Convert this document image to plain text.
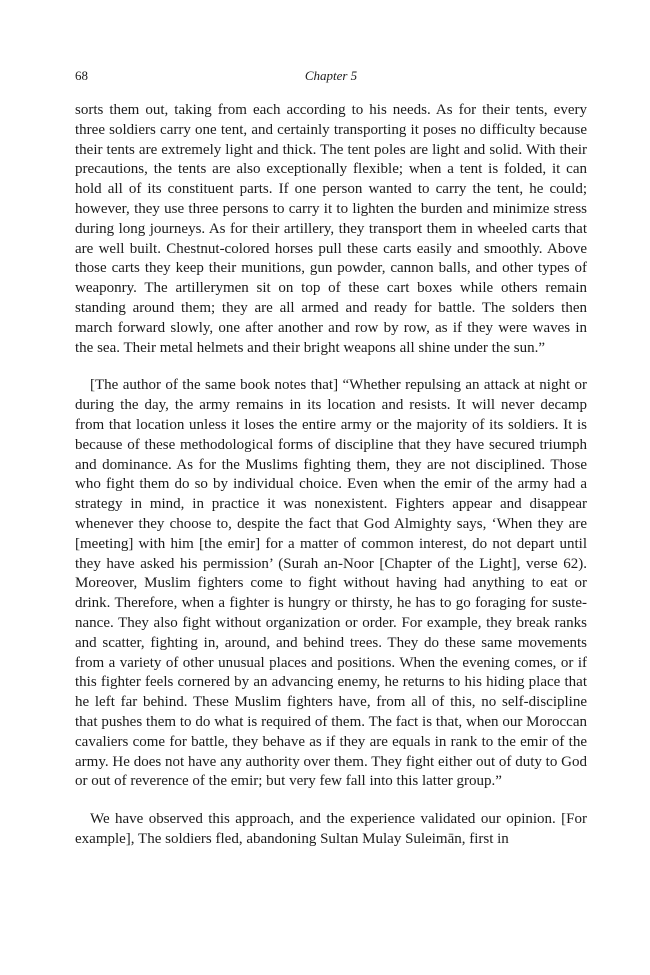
68	Chapter 5

sorts them out, taking from each according to his needs. As for their tents, every three soldiers carry one tent, and certainly transporting it poses no difficulty because their tents are extremely light and thick. The tent poles are light and solid. With their precautions, the tents are also exceptionally flexible; when a tent is folded, it can hold all of its constituent parts. If one person wanted to carry the tent, he could; however, they use three persons to carry it to lighten the burden and minimize stress during long journeys. As for their artillery, they transport them in wheeled carts that are well built. Chestnut-colored horses pull these carts easily and smoothly. Above those carts they keep their munitions, gun powder, cannon balls, and other types of weaponry. The artillerymen sit on top of these cart boxes while others remain standing around them; they are all armed and ready for battle. The solders then march forward slowly, one after another and row by row, as if they were waves in the sea. Their metal helmets and their bright weapons all shine under the sun.”

[The author of the same book notes that] “Whether repulsing an attack at night or during the day, the army remains in its location and resists. It will never decamp from that location unless it loses the entire army or the majority of its soldiers. It is because of these methodological forms of discipline that they have secured triumph and dominance. As for the Muslims fighting them, they are not disciplined. Those who fight them do so by individual choice. Even when the emir of the army had a strategy in mind, in practice it was nonexistent. Fighters appear and disappear whenever they choose to, despite the fact that God Almighty says, ‘When they are [meeting] with him [the emir] for a matter of common interest, do not depart until they have asked his permission’ (Surah an-Noor [Chapter of the Light], verse 62). Moreover, Muslim fighters come to fight without having had anything to eat or drink. Therefore, when a fighter is hungry or thirsty, he has to go foraging for sustenance. They also fight without organization or order. For example, they break ranks and scatter, fighting in, around, and behind trees. They do these same movements from a variety of other unusual places and positions. When the evening comes, or if this fighter feels cornered by an advancing enemy, he returns to his hiding place that he left far behind. These Muslim fighters have, from all of this, no self-discipline that pushes them to do what is required of them. The fact is that, when our Moroccan cavaliers come for battle, they behave as if they are equals in rank to the emir of the army. He does not have any authority over them. They fight either out of duty to God or out of reverence of the emir; but very few fall into this latter group.”

We have observed this approach, and the experience validated our opinion. [For example], The soldiers fled, abandoning Sultan Mulay Suleimān, first in
